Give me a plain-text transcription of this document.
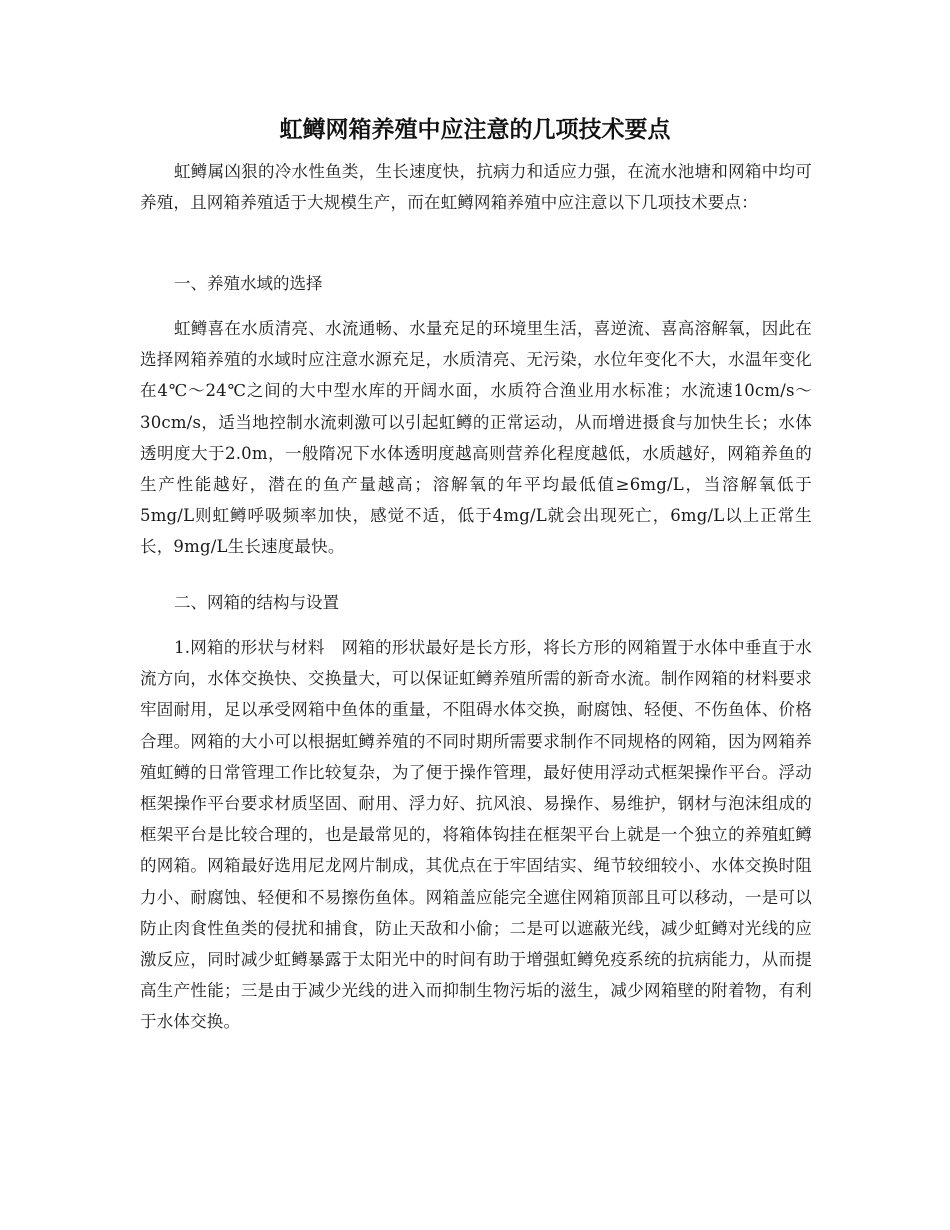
虹鳟网箱养殖中应注意的几项技术要点

虹鳟属凶狠的冷水性鱼类，生长速度快，抗病力和适应力强，在流水池塘和网箱中均可养殖，且网箱养殖适于大规模生产，而在虹鳟网箱养殖中应注意以下几项技术要点：

一、养殖水域的选择

虹鳟喜在水质清亮、水流通畅、水量充足的环境里生活，喜逆流、喜高溶解氧，因此在选择网箱养殖的水域时应注意水源充足，水质清亮、无污染，水位年变化不大，水温年变化在4℃～24℃之间的大中型水库的开阔水面，水质符合渔业用水标准；水流速10cm/s～30cm/s，适当地控制水流刺激可以引起虹鳟的正常运动，从而增进摄食与加快生长；水体透明度大于2.0m，一般隋况下水体透明度越高则营养化程度越低，水质越好，网箱养鱼的生产性能越好，潜在的鱼产量越高；溶解氧的年平均最低值≥6mg/L，当溶解氧低于5mg/L则虹鳟呼吸频率加快，感觉不适，低于4mg/L就会出现死亡，6mg/L以上正常生长，9mg/L生长速度最快。

二、网箱的结构与设置

1.网箱的形状与材料　网箱的形状最好是长方形，将长方形的网箱置于水体中垂直于水流方向，水体交换快、交换量大，可以保证虹鳟养殖所需的新奇水流。制作网箱的材料要求牢固耐用，足以承受网箱中鱼体的重量，不阻碍水体交换，耐腐蚀、轻便、不伤鱼体、价格合理。网箱的大小可以根据虹鳟养殖的不同时期所需要求制作不同规格的网箱，因为网箱养殖虹鳟的日常管理工作比较复杂，为了便于操作管理，最好使用浮动式框架操作平台。浮动框架操作平台要求材质坚固、耐用、浮力好、抗风浪、易操作、易维护，钢材与泡沫组成的框架平台是比较合理的，也是最常见的，将箱体钩挂在框架平台上就是一个独立的养殖虹鳟的网箱。网箱最好选用尼龙网片制成，其优点在于牢固结实、绳节较细较小、水体交换时阻力小、耐腐蚀、轻便和不易擦伤鱼体。网箱盖应能完全遮住网箱顶部且可以移动，一是可以防止肉食性鱼类的侵扰和捕食，防止天敌和小偷；二是可以遮蔽光线，减少虹鳟对光线的应激反应，同时减少虹鳟暴露于太阳光中的时间有助于增强虹鳟免疫系统的抗病能力，从而提高生产性能；三是由于减少光线的进入而抑制生物污垢的滋生，减少网箱壁的附着物，有利于水体交换。
